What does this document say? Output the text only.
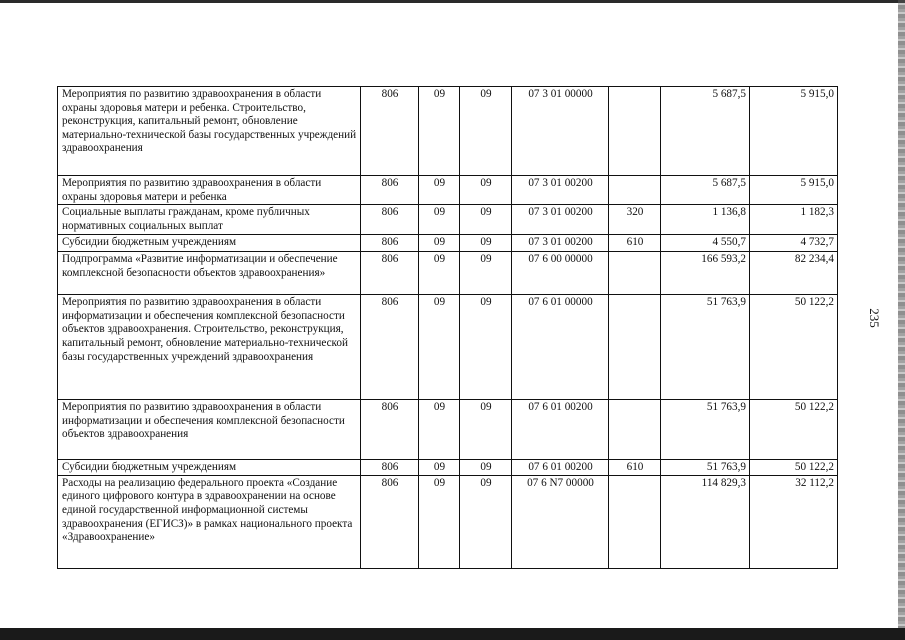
235
Мероприятия по развитию здравоохранения в области охраны здоровья матери и ребенка. Строительство, реконструкция, капитальный ремонт, обновление материально-технической базы государственных учреждений здравоохранения	806	09	09	07 3 01 00000		5 687,5	5 915,0
Мероприятия по развитию здравоохранения в области охраны здоровья матери и ребенка	806	09	09	07 3 01 00200		5 687,5	5 915,0
Социальные выплаты гражданам, кроме публичных нормативных социальных выплат	806	09	09	07 3 01 00200	320	1 136,8	1 182,3
Субсидии бюджетным учреждениям	806	09	09	07 3 01 00200	610	4 550,7	4 732,7
Подпрограмма «Развитие информатизации и обеспечение комплексной безопасности объектов здравоохранения»	806	09	09	07 6 00 00000		166 593,2	82 234,4
Мероприятия по развитию здравоохранения в области информатизации и обеспечения комплексной безопасности объектов здравоохранения. Строительство, реконструкция, капитальный ремонт, обновление материально-технической базы государственных учреждений здравоохранения	806	09	09	07 6 01 00000		51 763,9	50 122,2
Мероприятия по развитию здравоохранения в области информатизации и обеспечения комплексной безопасности объектов здравоохранения	806	09	09	07 6 01 00200		51 763,9	50 122,2
Субсидии бюджетным учреждениям	806	09	09	07 6 01 00200	610	51 763,9	50 122,2
Расходы на реализацию федерального проекта «Создание единого цифрового контура в здравоохранении на основе единой государственной информационной системы здравоохранения (ЕГИСЗ)» в рамках национального проекта «Здравоохранение»	806	09	09	07 6 N7 00000		114 829,3	32 112,2
